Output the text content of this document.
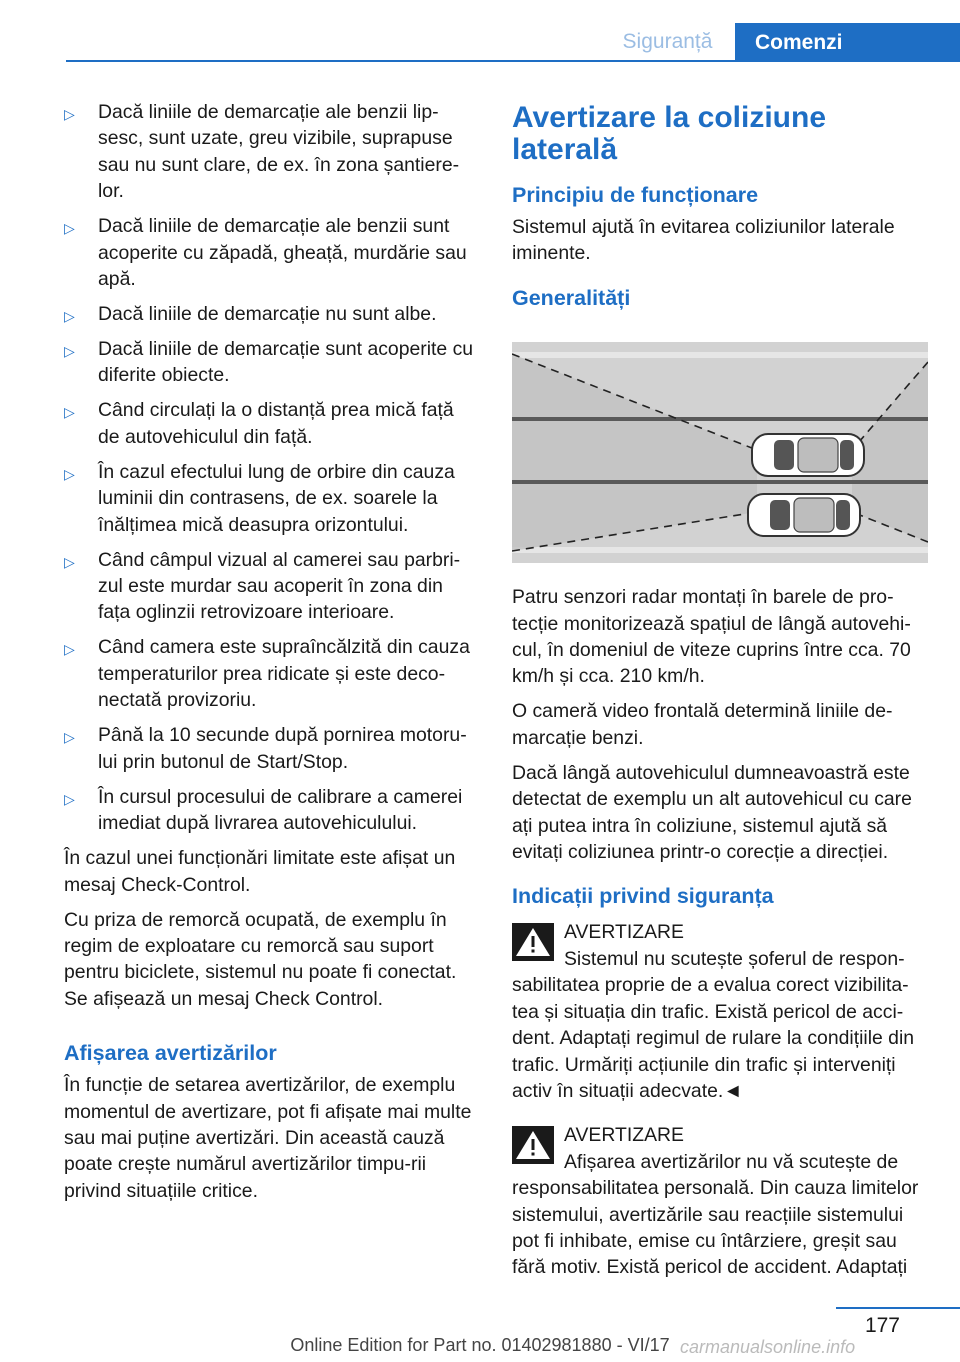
Siguranță	Comenzi
▷ Dacă liniile de demarcație ale benzii lip‐sesc, sunt uzate, greu vizibile, suprapuse sau nu sunt clare, de ex. în zona șantiere‐lor.
▷ Dacă liniile de demarcație ale benzii sunt acoperite cu zăpadă, gheață, murdărie sau apă.
▷ Dacă liniile de demarcație nu sunt albe.
▷ Dacă liniile de demarcație sunt acoperite cu diferite obiecte.
▷ Când circulați la o distanță prea mică față de autovehiculul din față.
▷ În cazul efectului lung de orbire din cauza luminii din contrasens, de ex. soarele la înălțimea mică deasupra orizontului.
▷ Când câmpul vizual al camerei sau parbri‐zul este murdar sau acoperit în zona din fața oglinzii retrovizoare interioare.
▷ Când camera este supraîncălzită din cauza temperaturilor prea ridicate și este deco‐nectată provizoriu.
▷ Până la 10 secunde după pornirea motoru‐lui prin butonul de Start/Stop.
▷ În cursul procesului de calibrare a camerei imediat după livrarea autovehiculului.

În cazul unei funcționări limitate este afișat un mesaj Check-Control.

Cu priza de remorcă ocupată, de exemplu în regim de exploatare cu remorcă sau suport pentru biciclete, sistemul nu poate fi conectat. Se afișează un mesaj Check Control.

Afișarea avertizărilor

În funcție de setarea avertizărilor, de exemplu momentul de avertizare, pot fi afișate mai multe sau mai puține avertizări. Din această cauză poate crește numărul avertizărilor timpu‐rii privind situațiile critice.

Avertizare la coliziune laterală
Principiu de funcționare

Sistemul ajută în evitarea coliziunilor laterale iminente.

Generalități

Patru senzori radar montați în barele de pro‐tecție monitorizează spațiul de lângă autovehi‐cul, în domeniul de viteze cuprins între cca. 70 km/h și cca. 210 km/h.

O cameră video frontală determină liniile de‐marcație benzi.

Dacă lângă autovehiculul dumneavoastră este detectat de exemplu un alt autovehicul cu care ați putea intra în coliziune, sistemul ajută să evitați coliziunea printr-o corecție a direcției.

Indicații privind siguranța
AVERTIZARE
Sistemul nu scutește șoferul de respon‐

sabilitatea proprie de a evalua corect vizibilita‐tea și situația din trafic. Există pericol de acci‐dent. Adaptați regimul de rulare la condițiile din trafic. Urmăriți acțiunile din trafic și interveniți activ în situații adecvate.◄

AVERTIZARE
Afișarea avertizărilor nu vă scutește de

responsabilitatea personală. Din cauza limitelor sistemului, avertizările sau reacțiile sistemului pot fi inhibate, emise cu întârziere, greșit sau fără motiv. Există pericol de accident. Adaptați

177
Online Edition for Part no. 01402981880 - VI/17 carmanualsonline.info
